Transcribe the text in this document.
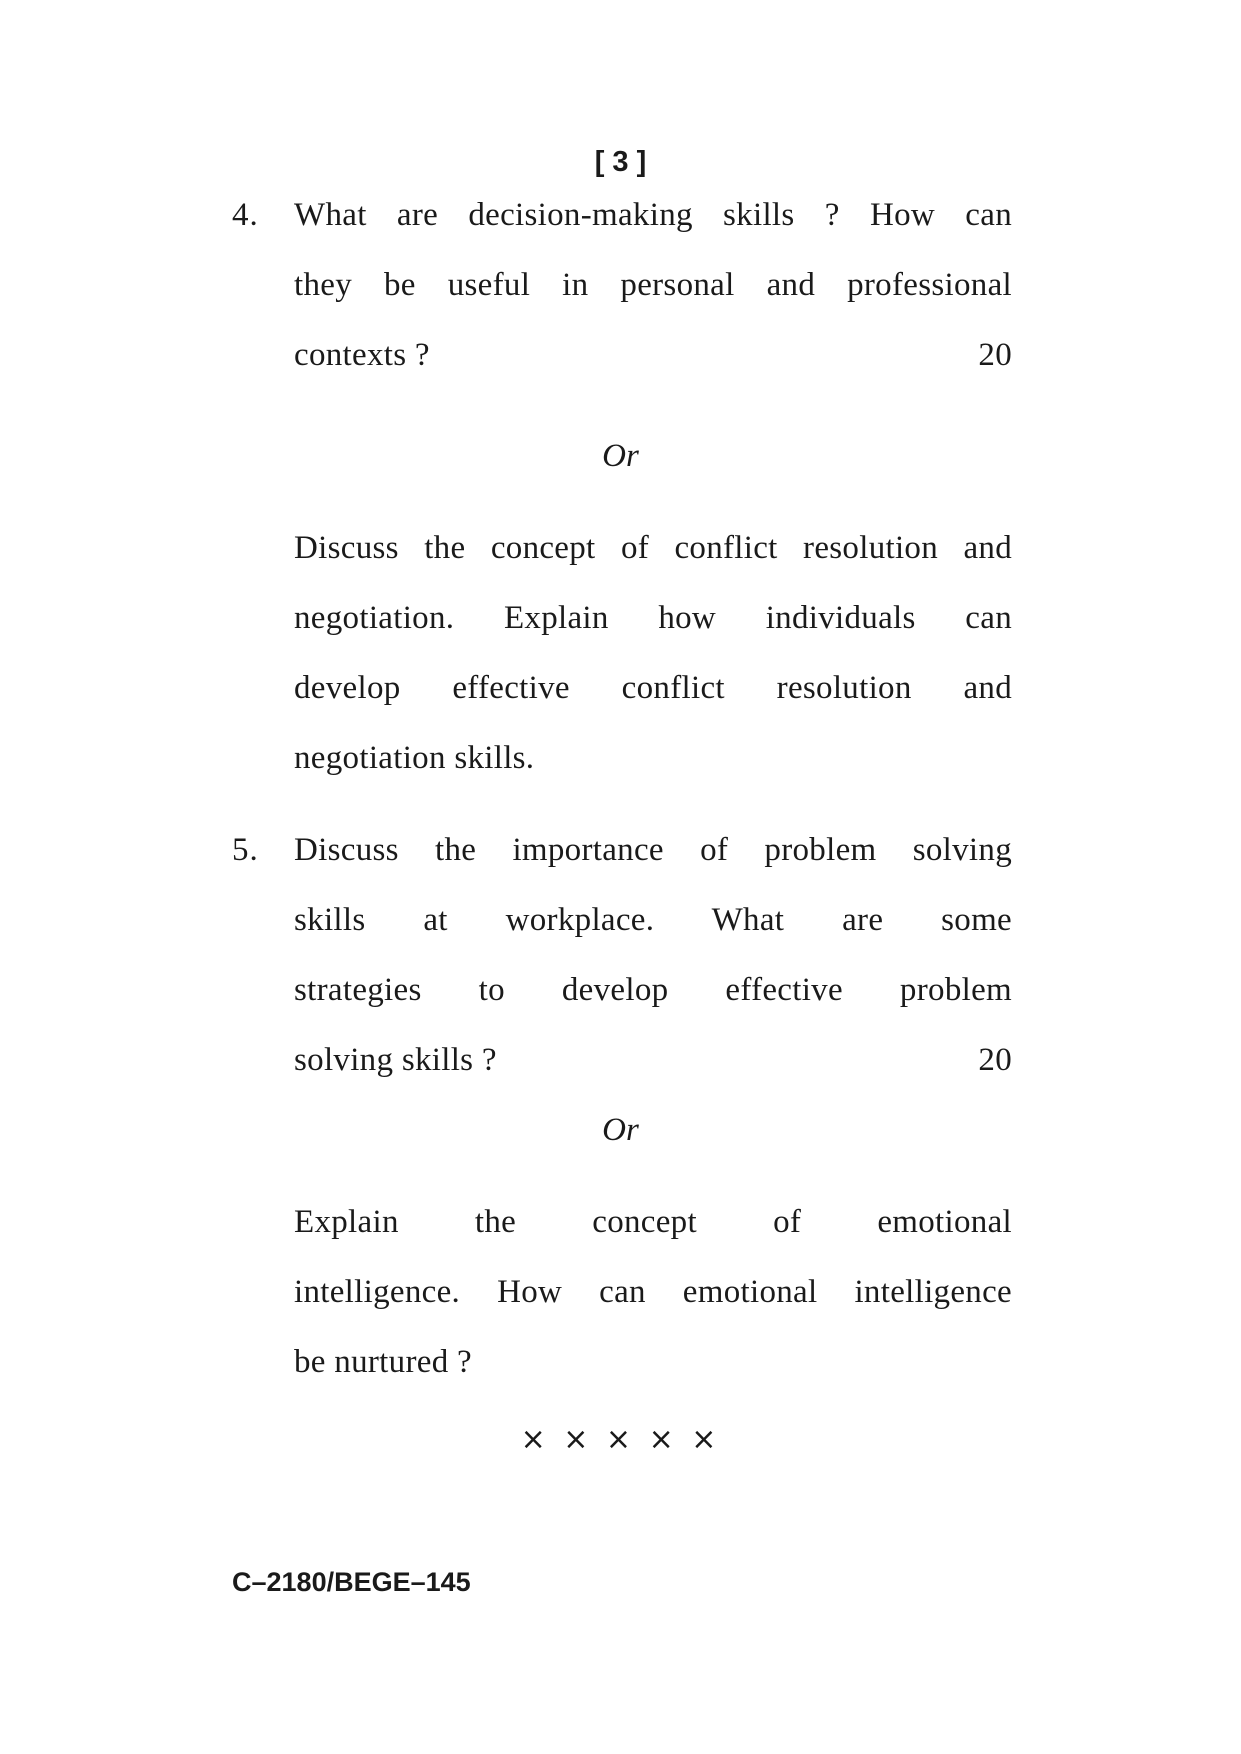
[ 3 ]
4. What are decision-making skills ? How can
they be useful in personal and professional
contexts ?	20
Or
Discuss the concept of conflict resolution and
negotiation. Explain how individuals can
develop effective conflict resolution and
negotiation skills.
5. Discuss the importance of problem solving
skills at workplace. What are some
strategies to develop effective problem
solving skills ?	20
Or
Explain the concept of emotional
intelligence. How can emotional intelligence
be nurtured ?
× × × × ×
C–2180/BEGE–145
